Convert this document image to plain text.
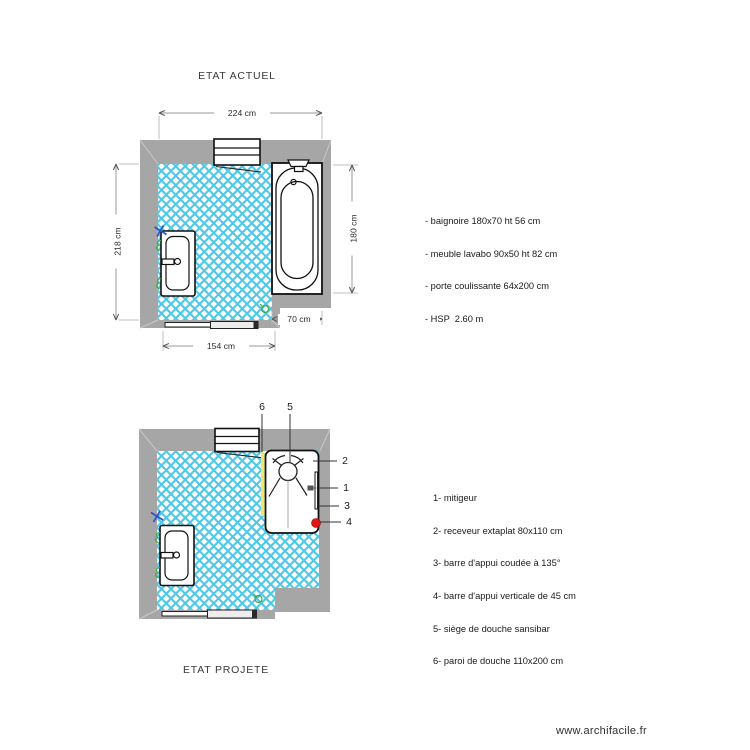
ETAT ACTUEL
ETAT PROJETE
224 cm
218 cm	180 cm
154 cm
70 cm

- baignoire 180x70 ht 56 cm

- meuble lavabo 90x50 ht 82 cm

- porte coulissante 64x200 cm

- HSP  2.60 m

6	5
2
1
3
4

1- mitigeur

2- receveur extaplat 80x110 cm

3- barre d'appui coudée à 135°

4- barre d'appui verticale de 45 cm

5- siège de douche sansibar

6- paroi de douche 110x200 cm

www.archifacile.fr
